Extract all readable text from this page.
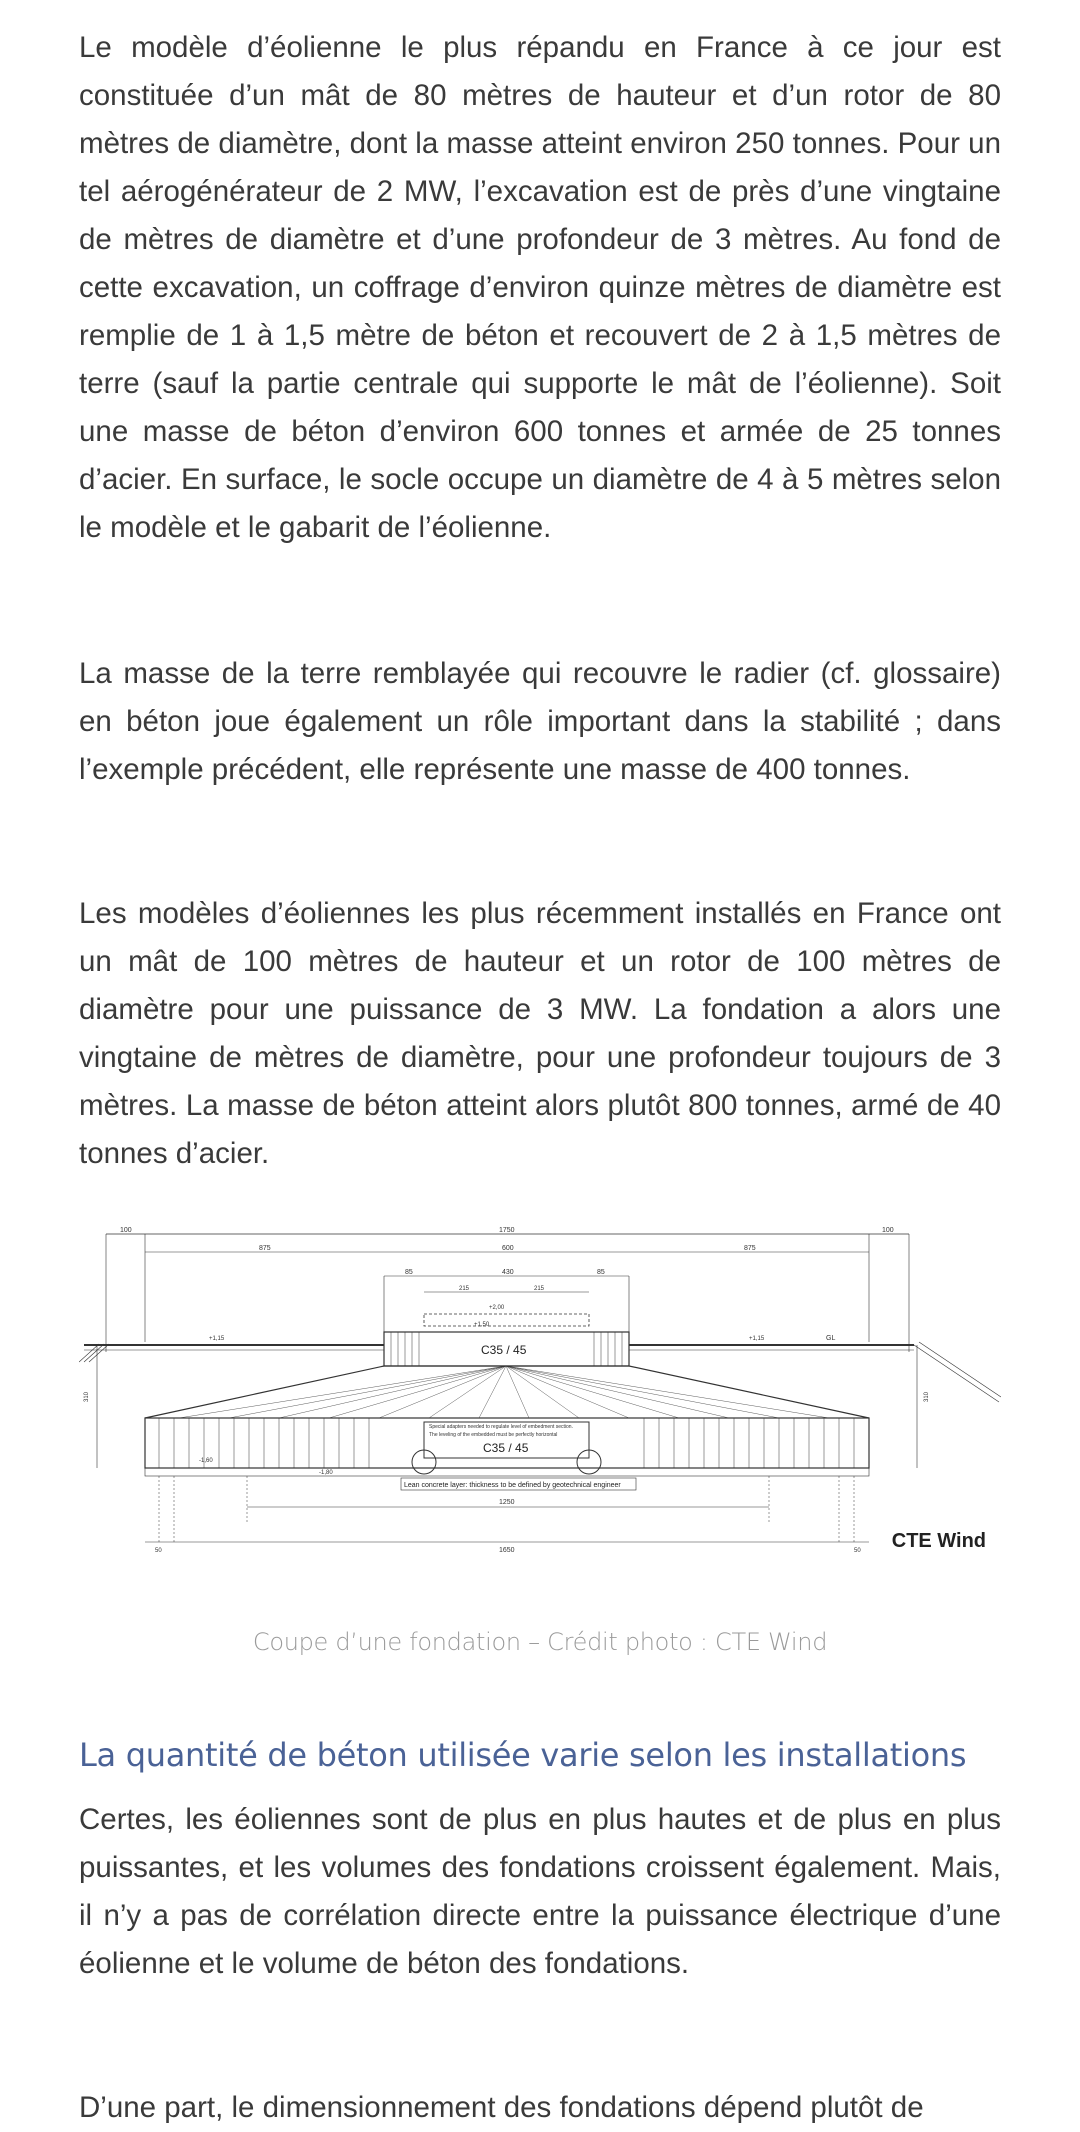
Le modèle d’éolienne le plus répandu en France à ce jour est constituée d’un mât de 80 mètres de hauteur et d’un rotor de 80 mètres de diamètre, dont la masse atteint environ 250 tonnes. Pour un tel aérogénérateur de 2 MW, l’excavation est de près d’une vingtaine de mètres de diamètre et d’une profondeur de 3 mètres. Au fond de cette excavation, un coffrage d’environ quinze mètres de diamètre est remplie de 1 à 1,5 mètre de béton et recouvert de 2 à 1,5 mètres de terre (sauf la partie centrale qui supporte le mât de l’éolienne). Soit une masse de béton d’environ 600 tonnes et armée de 25 tonnes d’acier. En surface, le socle occupe un diamètre de 4 à 5 mètres selon le modèle et le gabarit de l’éolienne.

La masse de la terre remblayée qui recouvre le radier (cf. glossaire) en béton joue également un rôle important dans la stabilité ; dans l’exemple précédent, elle représente une masse de 400 tonnes.

Les modèles d’éoliennes les plus récemment installés en France ont un mât de 100 mètres de hauteur et un rotor de 100 mètres de diamètre pour une puissance de 3 MW. La fondation a alors une vingtaine de mètres de diamètre, pour une profondeur toujours de 3 mètres. La masse de béton atteint alors plutôt 800 tonnes, armé de 40 tonnes d’acier.

100	100
1750
875	875
600
85	85
430
215	215
+2,00
+1,50
C35 / 45
+1,15	+1,15	GL
-1,60
-1,80
C35 / 45
Special adapters needed to regulate level of embedment section.
The leveling of the embedded must be perfectly horizontal
Lean concrete layer: thickness to be defined by geotechnical engineer
1250
1650
50	50
310	310
CTE Wind
Coupe d’une fondation – Crédit photo : CTE Wind
La quantité de béton utilisée varie selon les installations

Certes, les éoliennes sont de plus en plus hautes et de plus en plus puissantes, et les volumes des fondations croissent également. Mais, il n’y a pas de corrélation directe entre la puissance électrique d’une éolienne et le volume de béton des fondations.

D’une part, le dimensionnement des fondations dépend plutôt de
